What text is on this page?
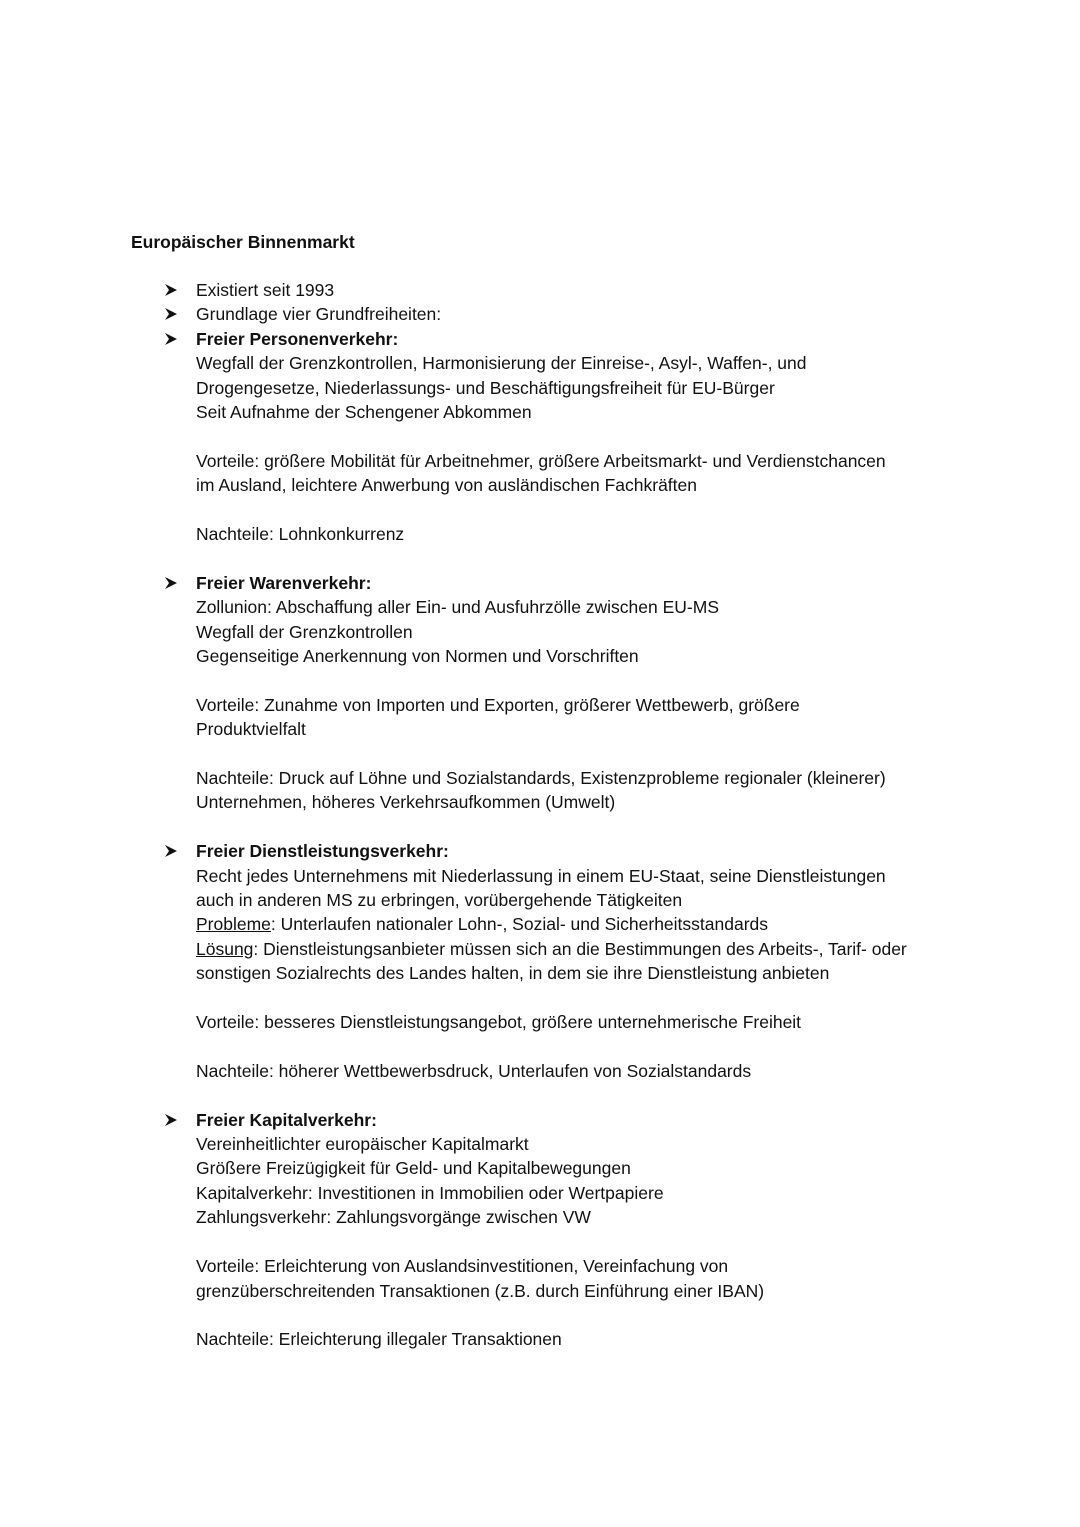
Europäischer Binnenmarkt
Existiert seit 1993
Grundlage vier Grundfreiheiten:
Freier Personenverkehr:
Wegfall der Grenzkontrollen, Harmonisierung der Einreise-, Asyl-, Waffen-, und
Drogengesetze, Niederlassungs- und Beschäftigungsfreiheit für EU-Bürger
Seit Aufnahme der Schengener Abkommen
Vorteile: größere Mobilität für Arbeitnehmer, größere Arbeitsmarkt- und Verdienstchancen
im Ausland, leichtere Anwerbung von ausländischen Fachkräften
Nachteile: Lohnkonkurrenz
Freier Warenverkehr:
Zollunion: Abschaffung aller Ein- und Ausfuhrzölle zwischen EU-MS
Wegfall der Grenzkontrollen
Gegenseitige Anerkennung von Normen und Vorschriften
Vorteile: Zunahme von Importen und Exporten, größerer Wettbewerb, größere
Produktvielfalt
Nachteile: Druck auf Löhne und Sozialstandards, Existenzprobleme regionaler (kleinerer)
Unternehmen, höheres Verkehrsaufkommen (Umwelt)
Freier Dienstleistungsverkehr:
Recht jedes Unternehmens mit Niederlassung in einem EU-Staat, seine Dienstleistungen
auch in anderen MS zu erbringen, vorübergehende Tätigkeiten
Probleme: Unterlaufen nationaler Lohn-, Sozial- und Sicherheitsstandards
Lösung: Dienstleistungsanbieter müssen sich an die Bestimmungen des Arbeits-, Tarif- oder
sonstigen Sozialrechts des Landes halten, in dem sie ihre Dienstleistung anbieten
Vorteile: besseres Dienstleistungsangebot, größere unternehmerische Freiheit
Nachteile: höherer Wettbewerbsdruck, Unterlaufen von Sozialstandards
Freier Kapitalverkehr:
Vereinheitlichter europäischer Kapitalmarkt
Größere Freizügigkeit für Geld- und Kapitalbewegungen
Kapitalverkehr: Investitionen in Immobilien oder Wertpapiere
Zahlungsverkehr: Zahlungsvorgänge zwischen VW
Vorteile: Erleichterung von Auslandsinvestitionen, Vereinfachung von
grenzüberschreitenden Transaktionen (z.B. durch Einführung einer IBAN)
Nachteile: Erleichterung illegaler Transaktionen
